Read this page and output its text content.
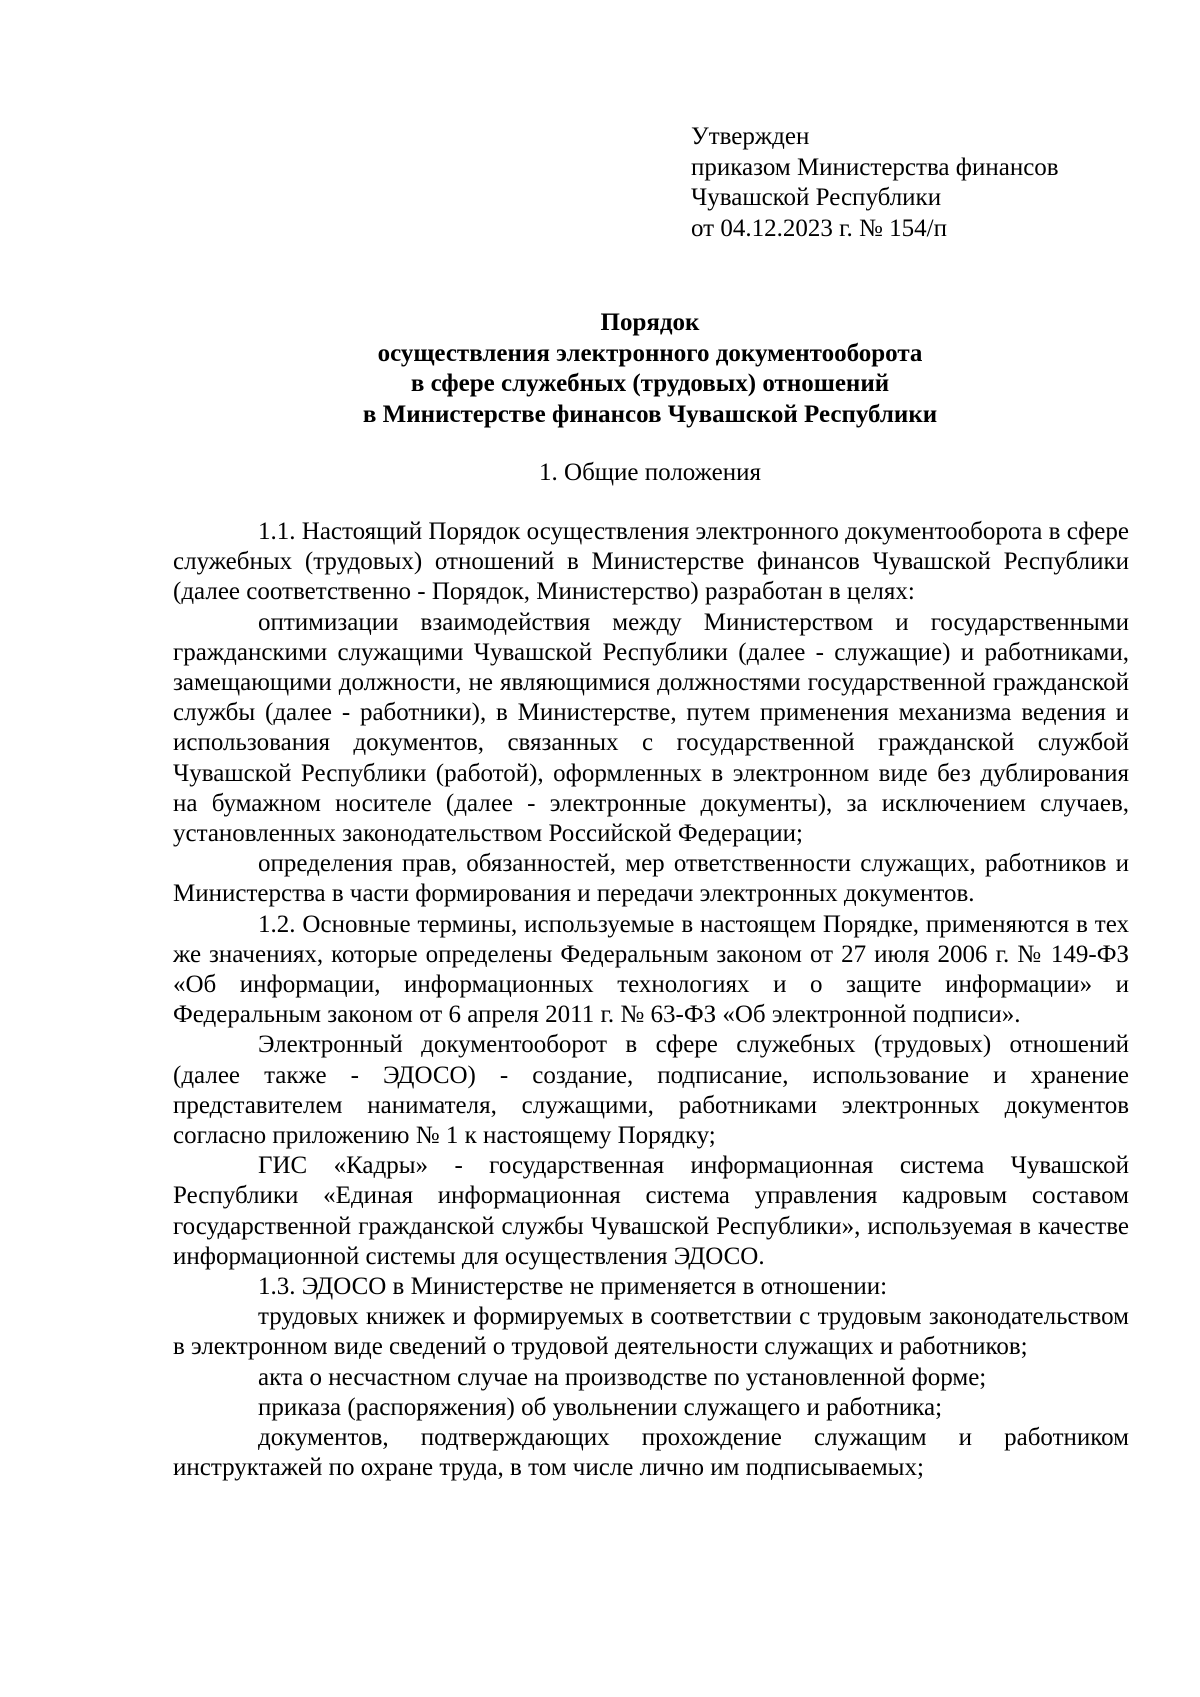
Утвержден
приказом Министерства финансов
Чувашской Республики
от 04.12.2023 г. № 154/п
Порядок
осуществления электронного документооборота
в сфере служебных (трудовых) отношений
в Министерстве финансов Чувашской Республики
1. Общие положения

1.1. Настоящий Порядок осуществления электронного документооборота в сфере служебных (трудовых) отношений в Министерстве финансов Чувашской Республики (далее соответственно - Порядок, Министерство) разработан в целях:

оптимизации взаимодействия между Министерством и государственными гражданскими служащими Чувашской Республики (далее - служащие) и работниками, замещающими должности, не являющимися должностями государственной гражданской службы (далее - работники), в Министерстве, путем применения механизма ведения и использования документов, связанных с государственной гражданской службой Чувашской Республики (работой), оформленных в электронном виде без дублирования на бумажном носителе (далее - электронные документы), за исключением случаев, установленных законодательством Российской Федерации;

определения прав, обязанностей, мер ответственности служащих, работников и Министерства в части формирования и передачи электронных документов.

1.2. Основные термины, используемые в настоящем Порядке, применяются в тех же значениях, которые определены Федеральным законом от 27 июля 2006 г. № 149-ФЗ «Об информации, информационных технологиях и о защите информации» и Федеральным законом от 6 апреля 2011 г. № 63-ФЗ «Об электронной подписи».

Электронный документооборот в сфере служебных (трудовых) отношений (далее также - ЭДОСО) - создание, подписание, использование и хранение представителем нанимателя, служащими, работниками электронных документов согласно приложению № 1 к настоящему Порядку;

ГИС «Кадры» - государственная информационная система Чувашской Республики «Единая информационная система управления кадровым составом государственной гражданской службы Чувашской Республики», используемая в качестве информационной системы для осуществления ЭДОСО.

1.3. ЭДОСО в Министерстве не применяется в отношении:

трудовых книжек и формируемых в соответствии с трудовым законодательством в электронном виде сведений о трудовой деятельности служащих и работников;

акта о несчастном случае на производстве по установленной форме;

приказа (распоряжения) об увольнении служащего и работника;

документов, подтверждающих прохождение служащим и работником инструктажей по охране труда, в том числе лично им подписываемых;
